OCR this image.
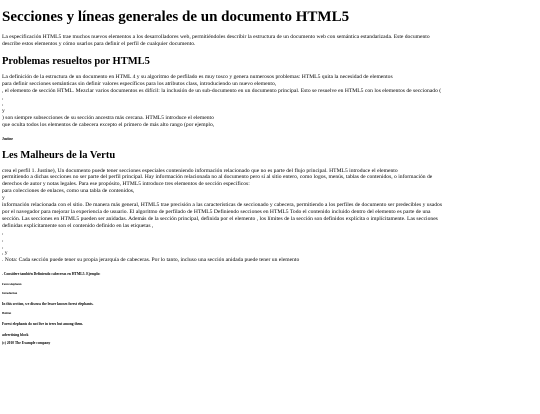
Secciones y líneas generales de un documento HTML5

La especificación HTML5 trae muchos nuevos elementos a los desarrolladores web, permitiéndoles describir la estructura de un documento web con semántica estandarizada. Este documento

describe estos elementos y cómo usarlos para definir el perfil de cualquier documento.

Problemas resueltos por HTML5

La definición de la estructura de un documento en HTML 4 y su algoritmo de perfilado es muy tosco y genera numerosos problemas: HTML5 quita la necesidad de elementos

para definir secciones semánticas sin definir valores específicos para los atributos class, introduciendo un nuevo elemento,

, el elemento de sección HTML. Mezclar varios documentos es difícil: la inclusión de un sub-documento en un documento principal. Esto se resuelve en HTML5 con los elementos de seccionado (

,

,

y

) son siempre subsecciones de su sección ancestra más cercana. HTML5 introduce el elemento

que oculta todos los elementos de cabecera excepto el primero de más alto rango (por ejemplo,

Justine

Les Malheurs de la Vertu

crea el perfil 1. Justine), Un documento puede tener secciones especiales conteniendo información relacionado que no es parte del flujo principal. HTML5 introduce el elemento

permitiendo a dichas secciones no ser parte del perfil principal. Hay información relacionada no al documento pero sí al sitio entero, como logos, menús, tablas de contenidos, o información de

derechos de autor y notas legales. Para ese propósito, HTML5 introduce tres elementos de sección específicos:

para colecciones de enlaces, como una tabla de contenidos,

y

información relacionada con el sitio. De manera más general, HTML5 trae precisión a las características de seccionado y cabecera, permitiendo a los perfiles de documento ser predecibles y usados

por el navegador para mejorar la experiencia de usuario. El algoritmo de perfilado de HTML5 Definiendo secciones en HTML5 Todo el contenido incluido dentro del elemento es parte de una

sección. Las secciones en HTML5 pueden ser anidadas. Además de la sección principal, definida por el elemento , los límites de la sección son definidos explícita o implícitamente. Las secciones

definidas explícitamente son el contenido definido en las etiquetas ,

,

,

,

, y

. Nota: Cada sección puede tener su propia jerarquía de cabeceras. Por lo tanto, incluso una sección anidada puede tener un elemento

. Considere también Definiendo cabeceras en HTML5. Ejemplo:

Forest elephants

Introduction

In this section, we discuss the lesser known forest elephants.

Habitat

Forest elephants do not live in trees but among them.

advertising block

(c) 2010 The Example company
